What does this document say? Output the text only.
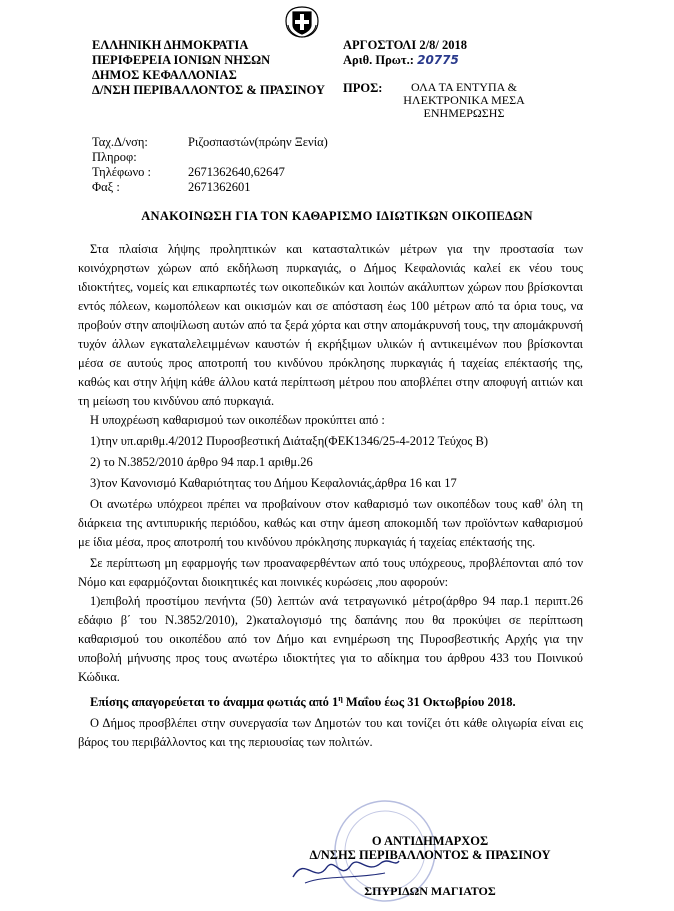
ΕΛΛΗΝΙΚΗ ΔΗΜΟΚΡΑΤΙΑ
ΠΕΡΙΦΕΡΕΙΑ ΙΟΝΙΩΝ ΝΗΣΩΝ
ΔΗΜΟΣ ΚΕΦΑΛΛΟΝΙΑΣ
Δ/ΝΣΗ ΠΕΡΙΒΑΛΛΟΝΤΟΣ & ΠΡΑΣΙΝΟΥ
ΑΡΓΟΣΤΟΛΙ 2/8/ 2018
Αριθ. Πρωτ.: 20775
ΠΡΟΣ:	ΟΛΑ ΤΑ ΕΝΤΥΠΑ &
ΗΛΕΚΤΡΟΝΙΚΑ ΜΕΣΑ
ΕΝΗΜΕΡΩΣΗΣ
Ταχ.Δ/νση:	Ριζοσπαστών(πρώην Ξενία)
Πληροφ:
Τηλέφωνο :	2671362640,62647
Φαξ :	2671362601
ΑΝΑΚΟΙΝΩΣΗ ΓΙΑ ΤΟΝ ΚΑΘΑΡΙΣΜΟ ΙΔΙΩΤΙΚΩΝ ΟΙΚΟΠΕΔΩΝ

Στα πλαίσια λήψης προληπτικών και κατασταλτικών μέτρων για την προστασία των κοινόχρηστων χώρων από εκδήλωση πυρκαγιάς, ο Δήμος Κεφαλονιάς καλεί εκ νέου τους ιδιοκτήτες, νομείς και επικαρπωτές των οικοπεδικών και λοιπών ακάλυπτων χώρων που βρίσκονται εντός πόλεων, κωμοπόλεων και οικισμών και σε απόσταση έως 100 μέτρων από τα όρια τους, να προβούν στην αποψίλωση αυτών από τα ξερά χόρτα και στην απομάκρυνσή τους, την απομάκρυνσή τυχόν άλλων εγκαταλελειμμένων καυστών ή εκρήξιμων υλικών ή αντικειμένων που βρίσκονται μέσα σε αυτούς προς αποτροπή του κινδύνου πρόκλησης πυρκαγιάς ή ταχείας επέκτασής της, καθώς και στην λήψη κάθε άλλου κατά περίπτωση μέτρου που αποβλέπει στην αποφυγή αιτιών και τη μείωση του κινδύνου από πυρκαγιά.

Η υποχρέωση καθαρισμού των οικοπέδων προκύπτει από :

1)την υπ.αριθμ.4/2012 Πυροσβεστική Διάταξη(ΦΕΚ1346/25-4-2012 Τεύχος Β)

2) το Ν.3852/2010 άρθρο 94 παρ.1 αριθμ.26

3)τον Κανονισμό Καθαριότητας του Δήμου Κεφαλονιάς,άρθρα 16 και 17

Οι ανωτέρω υπόχρεοι πρέπει να προβαίνουν στον καθαρισμό των οικοπέδων τους καθ' όλη τη διάρκεια της αντιπυρικής περιόδου, καθώς και στην άμεση αποκομιδή των προϊόντων καθαρισμού με ίδια μέσα, προς αποτροπή του κινδύνου πρόκλησης πυρκαγιάς ή ταχείας επέκτασής της.

Σε περίπτωση μη εφαρμογής των προαναφερθέντων από τους υπόχρεους, προβλέπονται από τον Νόμο και εφαρμόζονται διοικητικές και ποινικές κυρώσεις ,που αφορούν:

1)επιβολή προστίμου πενήντα (50) λεπτών ανά τετραγωνικό μέτρο(άρθρο 94 παρ.1 περιπτ.26 εδάφιο β΄ του Ν.3852/2010), 2)καταλογισμό της δαπάνης που θα προκύψει σε περίπτωση καθαρισμού του οικοπέδου από τον Δήμο και ενημέρωση της Πυροσβεστικής Αρχής για την υποβολή μήνυσης προς τους ανωτέρω ιδιοκτήτες για το αδίκημα του άρθρου 433 του Ποινικού Κώδικα.

Επίσης απαγορεύεται το άναμμα φωτιάς από $1^\eta$ Μαΐου έως 31 Οκτωβρίου 2018.

Ο Δήμος προσβλέπει στην συνεργασία των Δημοτών του και τονίζει ότι κάθε ολιγωρία είναι εις βάρος του περιβάλλοντος και της περιουσίας των πολιτών.

Ο ΑΝΤΙΔΗΜΑΡΧΟΣ
Δ/ΝΣΗΣ ΠΕΡΙΒΑΛΛΟΝΤΟΣ & ΠΡΑΣΙΝΟΥ
ΣΠΥΡΙΔΩΝ ΜΑΓΙΑΤΟΣ
